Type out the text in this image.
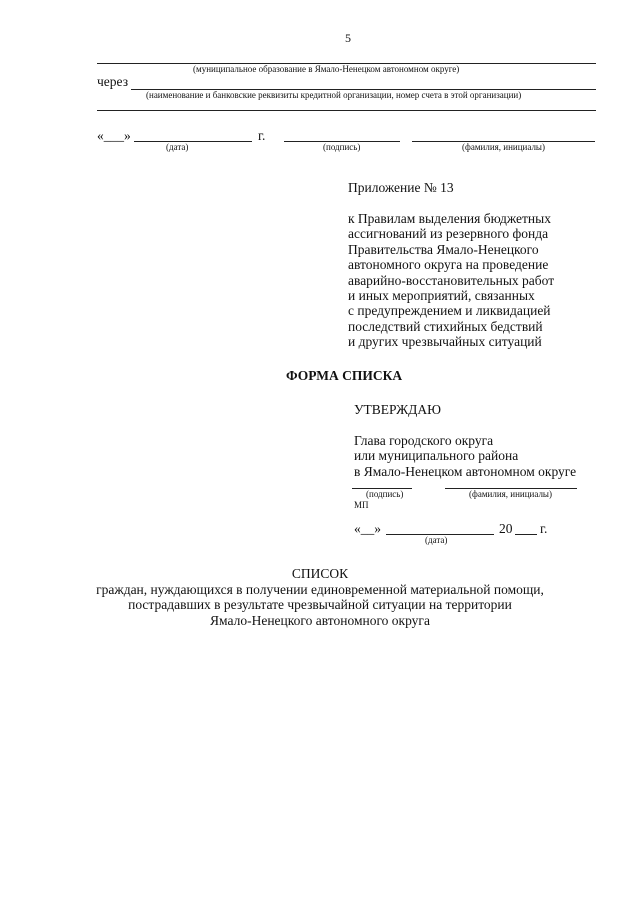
5
(муниципальное образование в Ямало-Ненецком автономном округе)
через
(наименование и банковские реквизиты кредитной организации, номер счета в этой организации)
«___»	г.
(дата)	(подпись)	(фамилия, инициалы)
Приложение № 13
к Правилам выделения бюджетных
ассигнований из резервного фонда
Правительства Ямало-Ненецкого
автономного округа на проведение
аварийно-восстановительных работ
и иных мероприятий, связанных
с предупреждением и ликвидацией
последствий стихийных бедствий
и других чрезвычайных ситуаций
ФОРМА СПИСКА
УТВЕРЖДАЮ
Глава городского округа
или муниципального района
в Ямало-Ненецком автономном округе
(подпись)	(фамилия, инициалы)
МП
«__»	20 г.
(дата)
СПИСОК
граждан, нуждающихся в получении единовременной материальной помощи,
пострадавших в результате чрезвычайной ситуации на территории
Ямало-Ненецкого автономного округа
